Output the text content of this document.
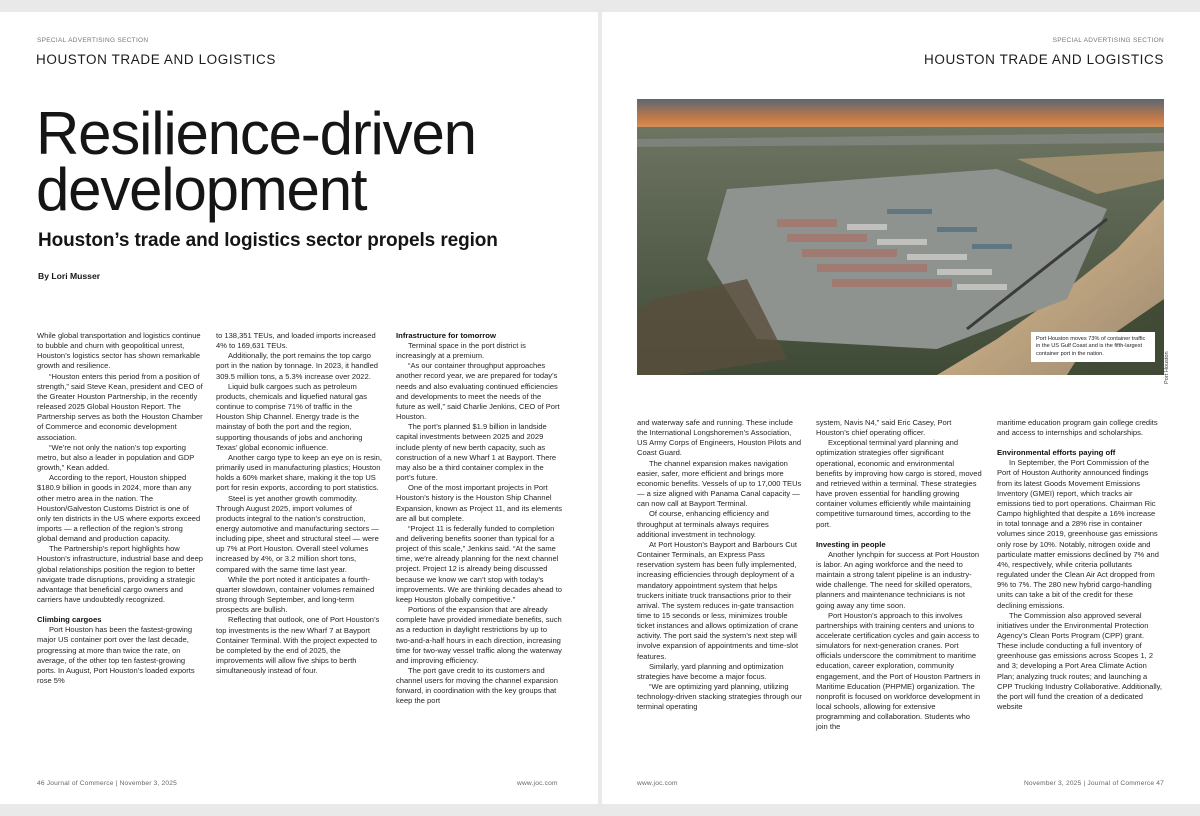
SPECIAL ADVERTISING SECTION
HOUSTON TRADE AND LOGISTICS
Resilience-driven development
Houston’s trade and logistics sector propels region
By Lori Musser

While global transportation and logistics continue to bubble and churn with geopolitical unrest, Houston’s logistics sector has shown remarkable growth and resilience.

“Houston enters this period from a position of strength,” said Steve Kean, president and CEO of the Greater Houston Partnership, in the recently released 2025 Global Houston Report. The Partnership serves as both the Houston Chamber of Commerce and economic development association.

“We’re not only the nation’s top exporting metro, but also a leader in population and GDP growth,” Kean added.

According to the report, Houston shipped $180.9 billion in goods in 2024, more than any other metro area in the nation. The Houston/Galveston Customs District is one of only ten districts in the US where exports exceed imports — a reflection of the region’s strong global demand and production capacity.

The Partnership’s report highlights how Houston’s infrastructure, industrial base and deep global relationships position the region to better navigate trade disruptions, providing a strategic advantage that beneficial cargo owners and carriers have undoubtedly recognized.

Climbing cargoes

Port Houston has been the fastest-growing major US container port over the last decade, progressing at more than twice the rate, on average, of the other top ten fastest-growing ports. In August, Port Houston’s loaded exports rose 5%

to 138,351 TEUs, and loaded imports increased 4% to 169,631 TEUs.

Additionally, the port remains the top cargo port in the nation by tonnage. In 2023, it handled 309.5 million tons, a 5.3% increase over 2022.

Liquid bulk cargoes such as petroleum products, chemicals and liquefied natural gas continue to comprise 71% of traffic in the Houston Ship Channel. Energy trade is the mainstay of both the port and the region, supporting thousands of jobs and anchoring Texas’ global economic influence.

Another cargo type to keep an eye on is resin, primarily used in manufacturing plastics; Houston holds a 60% market share, making it the top US port for resin exports, according to port statistics.

Steel is yet another growth commodity. Through August 2025, import volumes of products integral to the nation’s construction, energy automotive and manufacturing sectors — including pipe, sheet and structural steel — were up 7% at Port Houston. Overall steel volumes increased by 4%, or 3.2 million short tons, compared with the same time last year.

While the port noted it anticipates a fourth-quarter slowdown, container volumes remained strong through September, and long-term prospects are bullish.

Reflecting that outlook, one of Port Houston’s top investments is the new Wharf 7 at Bayport Container Terminal. With the project expected to be completed by the end of 2025, the improvements will allow five ships to berth simultaneously instead of four.

Infrastructure for tomorrow

Terminal space in the port district is increasingly at a premium.

“As our container throughput approaches another record year, we are prepared for today’s needs and also evaluating continued efficiencies and developments to meet the needs of the future as well,” said Charlie Jenkins, CEO of Port Houston.

The port’s planned $1.9 billion in landside capital investments between 2025 and 2029 include plenty of new berth capacity, such as construction of a new Wharf 1 at Bayport. There may also be a third container complex in the port’s future.

One of the most important projects in Port Houston’s history is the Houston Ship Channel Expansion, known as Project 11, and its elements are all but complete.

“Project 11 is federally funded to completion and delivering benefits sooner than typical for a project of this scale,” Jenkins said. “At the same time, we’re already planning for the next channel project. Project 12 is already being discussed because we know we can’t stop with today’s improvements. We are thinking decades ahead to keep Houston globally competitive.”

Portions of the expansion that are already complete have provided immediate benefits, such as a reduction in daylight restrictions by up to two-and-a-half hours in each direction, increasing time for two-way vessel traffic along the waterway and improving efficiency.

The port gave credit to its customers and channel users for moving the channel expansion forward, in coordination with the key groups that keep the port

46 Journal of Commerce | November 3, 2025	www.joc.com
SPECIAL ADVERTISING SECTION
HOUSTON TRADE AND LOGISTICS
Port Houston moves 73% of container traffic in the US Gulf Coast and is the fifth-largest container port in the nation.	Port Houston

and waterway safe and running. These include the International Longshoremen’s Association, US Army Corps of Engineers, Houston Pilots and Coast Guard.

The channel expansion makes navigation easier, safer, more efficient and brings more economic benefits. Vessels of up to 17,000 TEUs — a size aligned with Panama Canal capacity — can now call at Bayport Terminal.

Of course, enhancing efficiency and throughput at terminals always requires additional investment in technology.

At Port Houston’s Bayport and Barbours Cut Container Terminals, an Express Pass reservation system has been fully implemented, increasing efficiencies through deployment of a mandatory appointment system that helps truckers initiate truck transactions prior to their arrival. The system reduces in-gate transaction time to 15 seconds or less, minimizes trouble ticket instances and allows optimization of crane activity. The port said the system’s next step will involve expansion of appointments and time-slot features.

Similarly, yard planning and optimization strategies have become a major focus.

“We are optimizing yard planning, utilizing technology-driven stacking strategies through our terminal operating

system, Navis N4,” said Eric Casey, Port Houston’s chief operating officer.

Exceptional terminal yard planning and optimization strategies offer significant operational, economic and environmental benefits by improving how cargo is stored, moved and retrieved within a terminal. These strategies have proven essential for handling growing container volumes efficiently while maintaining competitive turnaround times, according to the port.

Investing in people

Another lynchpin for success at Port Houston is labor. An aging workforce and the need to maintain a strong talent pipeline is an industry-wide challenge. The need for skilled operators, planners and maintenance technicians is not going away any time soon.

Port Houston’s approach to this involves partnerships with training centers and unions to accelerate certification cycles and gain access to simulators for next-generation cranes. Port officials underscore the commitment to maritime education, career exploration, community engagement, and the Port of Houston Partners in Maritime Education (PHPME) organization. The nonprofit is focused on workforce development in local schools, allowing for extensive programming and collaboration. Students who join the

maritime education program gain college credits and access to internships and scholarships.

Environmental efforts paying off

In September, the Port Commission of the Port of Houston Authority announced findings from its latest Goods Movement Emissions Inventory (GMEI) report, which tracks air emissions tied to port operations. Chairman Ric Campo highlighted that despite a 16% increase in total tonnage and a 28% rise in container volumes since 2019, greenhouse gas emissions only rose by 10%. Notably, nitrogen oxide and particulate matter emissions declined by 7% and 4%, respectively, while criteria pollutants regulated under the Clean Air Act dropped from 9% to 7%. The 280 new hybrid cargo-handling units can take a bit of the credit for these declining emissions.

The Commission also approved several initiatives under the Environmental Protection Agency’s Clean Ports Program (CPP) grant. These include conducting a full inventory of greenhouse gas emissions across Scopes 1, 2 and 3; developing a Port Area Climate Action Plan; analyzing truck routes; and launching a CPP Trucking Industry Collaborative. Additionally, the port will fund the creation of a dedicated website

www.joc.com	November 3, 2025 | Journal of Commerce 47
